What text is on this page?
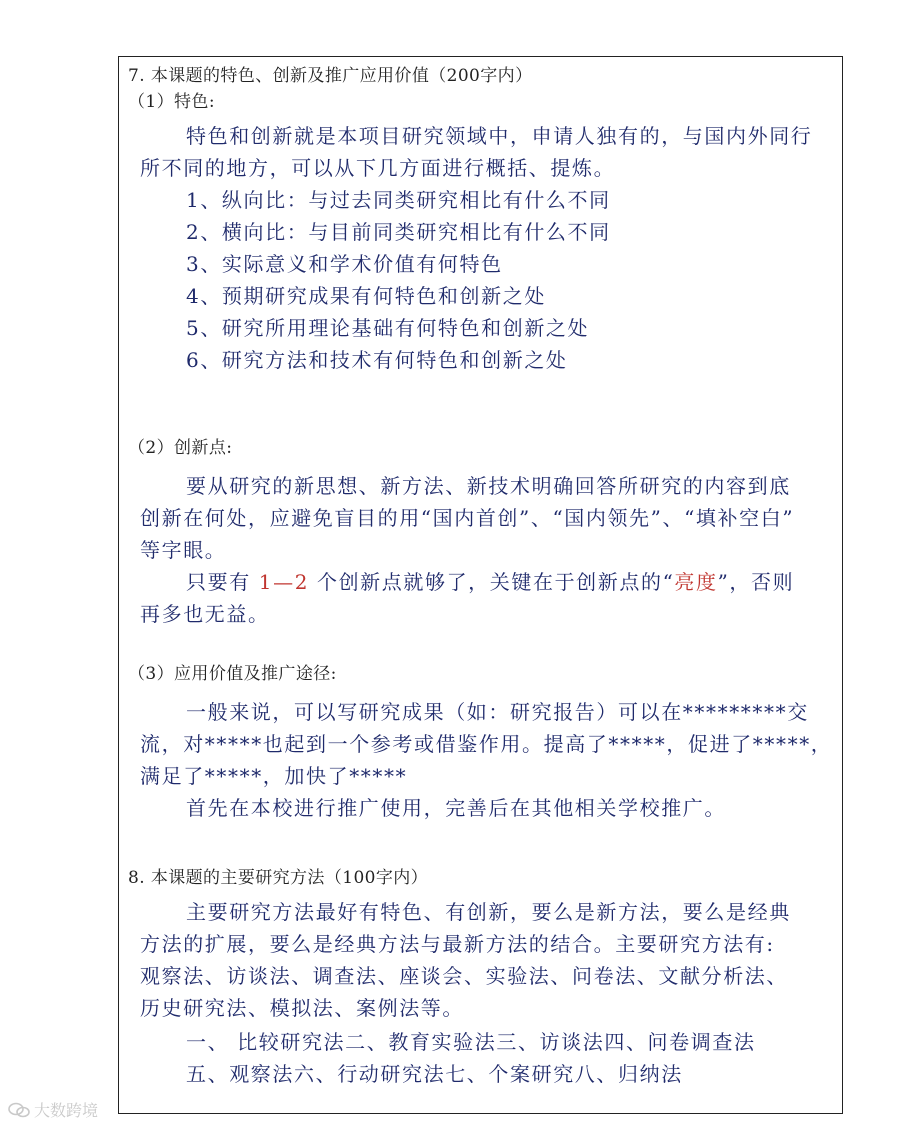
7. 本课题的特色、创新及推广应用价值（200字内）
（1）特色:
特色和创新就是本项目研究领域中，申请人独有的，与国内外同行
所不同的地方，可以从下几方面进行概括、提炼。
1、纵向比：与过去同类研究相比有什么不同
2、横向比：与目前同类研究相比有什么不同
3、实际意义和学术价值有何特色
4、预期研究成果有何特色和创新之处
5、研究所用理论基础有何特色和创新之处
6、研究方法和技术有何特色和创新之处
（2）创新点:
要从研究的新思想、新方法、新技术明确回答所研究的内容到底
创新在何处，应避免盲目的用“国内首创”、“国内领先”、“填补空白”
等字眼。
只要有 1—2 个创新点就够了，关键在于创新点的“亮度”，否则
再多也无益。
（3）应用价值及推广途径:
一般来说，可以写研究成果（如：研究报告）可以在*********交
流，对*****也起到一个参考或借鉴作用。提高了*****，促进了*****，
满足了*****，加快了*****
首先在本校进行推广使用，完善后在其他相关学校推广。
8. 本课题的主要研究方法（100字内）
主要研究方法最好有特色、有创新，要么是新方法，要么是经典
方法的扩展，要么是经典方法与最新方法的结合。主要研究方法有:
观察法、访谈法、调查法、座谈会、实验法、问卷法、文献分析法、
历史研究法、模拟法、案例法等。
一、 比较研究法二、教育实验法三、访谈法四、问卷调查法
五、观察法六、行动研究法七、个案研究八、归纳法
大数跨境
